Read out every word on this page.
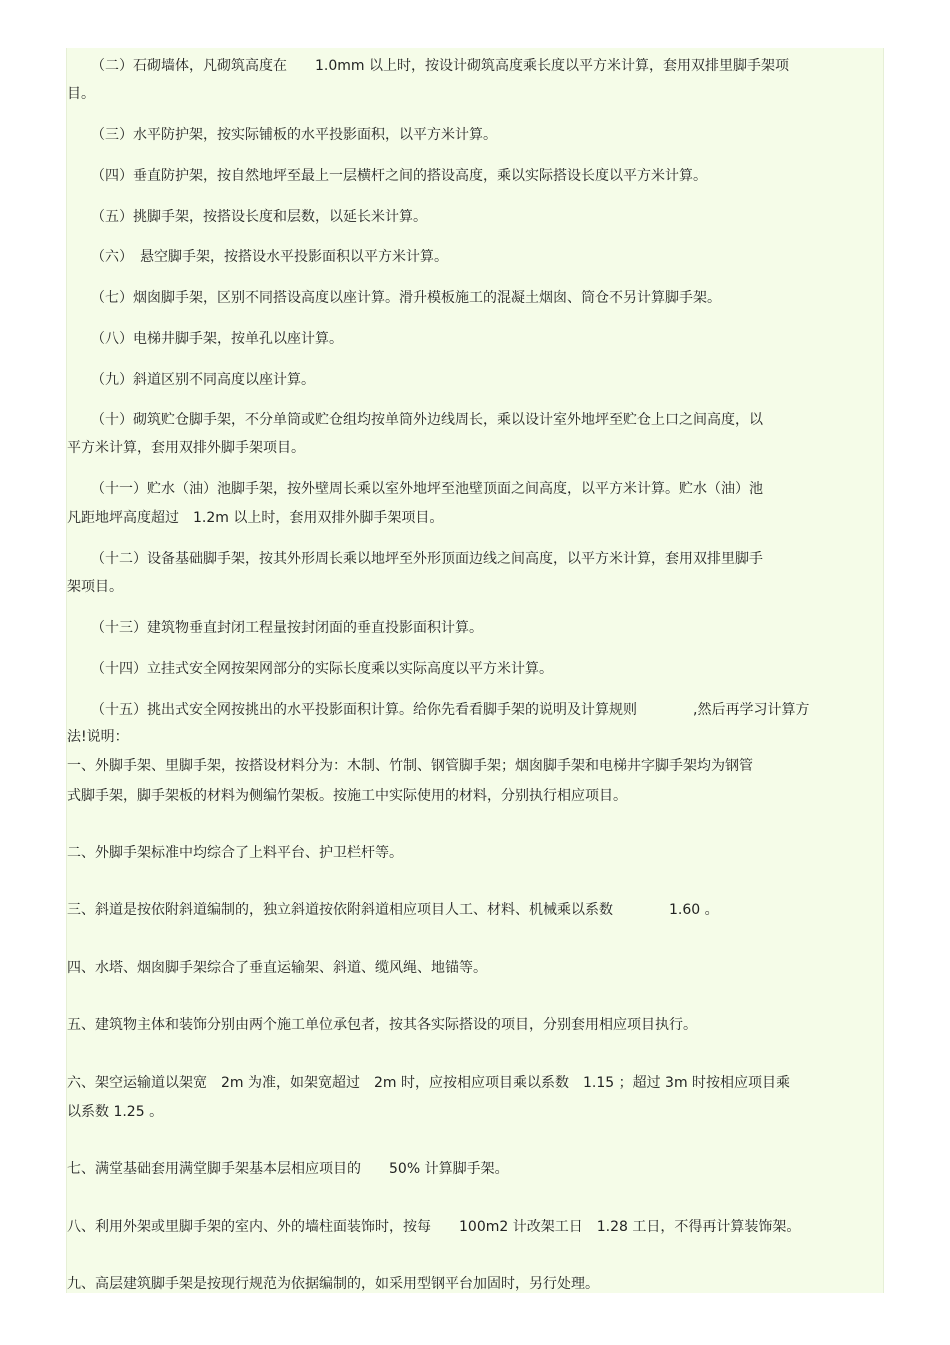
（二）石砌墙体，凡砌筑高度在　　1.0mm 以上时，按设计砌筑高度乘长度以平方米计算，套用双排里脚手架项
目。
（三）水平防护架，按实际铺板的水平投影面积，以平方米计算。
（四）垂直防护架，按自然地坪至最上一层横杆之间的搭设高度，乘以实际搭设长度以平方米计算。
（五）挑脚手架，按搭设长度和层数，以延长米计算。
（六）　悬空脚手架，按搭设水平投影面积以平方米计算。
（七）烟囱脚手架，区别不同搭设高度以座计算。滑升模板施工的混凝土烟囱、筒仓不另计算脚手架。
（八）电梯井脚手架，按单孔以座计算。
（九）斜道区别不同高度以座计算。
（十）砌筑贮仓脚手架，不分单筒或贮仓组均按单筒外边线周长，乘以设计室外地坪至贮仓上口之间高度，以
平方米计算，套用双排外脚手架项目。
（十一）贮水（油）池脚手架，按外壁周长乘以室外地坪至池壁顶面之间高度，以平方米计算。贮水（油）池
凡距地坪高度超过　1.2m 以上时，套用双排外脚手架项目。
（十二）设备基础脚手架，按其外形周长乘以地坪至外形顶面边线之间高度，以平方米计算，套用双排里脚手
架项目。
（十三）建筑物垂直封闭工程量按封闭面的垂直投影面积计算。
（十四）立挂式安全网按架网部分的实际长度乘以实际高度以平方米计算。
（十五）挑出式安全网按挑出的水平投影面积计算。给你先看看脚手架的说明及计算规则　　　　,然后再学习计算方
法!说明：
一、外脚手架、里脚手架，按搭设材料分为：木制、竹制、钢管脚手架；烟囱脚手架和电梯井字脚手架均为钢管
式脚手架，脚手架板的材料为侧编竹架板。按施工中实际使用的材料，分别执行相应项目。
二、外脚手架标准中均综合了上料平台、护卫栏杆等。
三、斜道是按依附斜道编制的，独立斜道按依附斜道相应项目人工、材料、机械乘以系数　　　　1.60 。
四、水塔、烟囱脚手架综合了垂直运输架、斜道、缆风绳、地锚等。
五、建筑物主体和装饰分别由两个施工单位承包者，按其各实际搭设的项目，分别套用相应项目执行。
六、架空运输道以架宽　2m 为准，如架宽超过　2m 时，应按相应项目乘以系数　1.15 ；超过 3m 时按相应项目乘
以系数 1.25 。
七、满堂基础套用满堂脚手架基本层相应项目的　　50% 计算脚手架。
八、利用外架或里脚手架的室内、外的墙柱面装饰时，按每　　100m2 计改架工日　1.28 工日，不得再计算装饰架。
九、高层建筑脚手架是按现行规范为依据编制的，如采用型钢平台加固时，另行处理。
